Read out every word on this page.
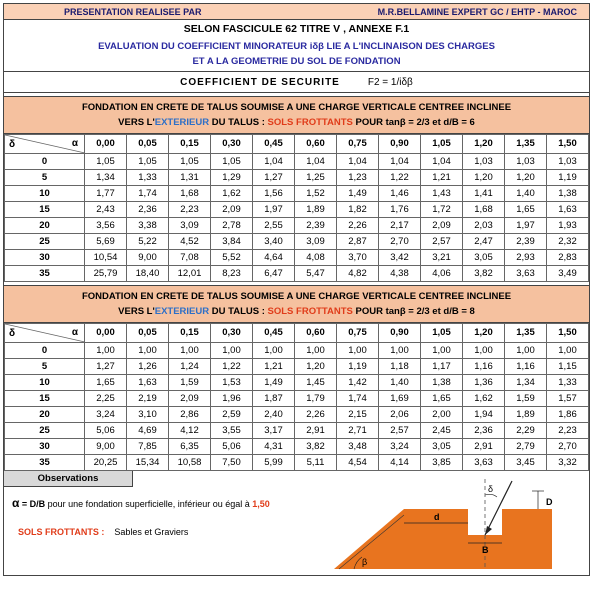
PRESENTATION REALISEE PAR	M.R.BELLAMINE EXPERT GC / EHTP - MAROC
SELON FASCICULE 62 TITRE V , ANNEXE F.1
EVALUATION DU COEFFICIENT MINORATEUR iδβ LIE A L'INCLINAISON DES CHARGES
ET A LA GEOMETRIE DU SOL DE FONDATION
COEFFICIENT DE SECURITE	F2 = 1/iδβ
FONDATION EN CRETE DE TALUS SOUMISE A UNE CHARGE VERTICALE CENTREE INCLINEE
VERS L'EXTERIEUR DU TALUS : SOLS FROTTANTS POUR tanβ = 2/3 et d/B = 6
δ α	0,00	0,05	0,15	0,30	0,45	0,60	0,75	0,90	1,05	1,20	1,35	1,50
0	1,05	1,05	1,05	1,05	1,04	1,04	1,04	1,04	1,04	1,03	1,03	1,03
5	1,34	1,33	1,31	1,29	1,27	1,25	1,23	1,22	1,21	1,20	1,20	1,19
10	1,77	1,74	1,68	1,62	1,56	1,52	1,49	1,46	1,43	1,41	1,40	1,38
15	2,43	2,36	2,23	2,09	1,97	1,89	1,82	1,76	1,72	1,68	1,65	1,63
20	3,56	3,38	3,09	2,78	2,55	2,39	2,26	2,17	2,09	2,03	1,97	1,93
25	5,69	5,22	4,52	3,84	3,40	3,09	2,87	2,70	2,57	2,47	2,39	2,32
30	10,54	9,00	7,08	5,52	4,64	4,08	3,70	3,42	3,21	3,05	2,93	2,83
35	25,79	18,40	12,01	8,23	6,47	5,47	4,82	4,38	4,06	3,82	3,63	3,49
FONDATION EN CRETE DE TALUS SOUMISE A UNE CHARGE VERTICALE CENTREE INCLINEE
VERS L'EXTERIEUR DU TALUS : SOLS FROTTANTS POUR tanβ = 2/3 et d/B = 8
δ α	0,00	0,05	0,15	0,30	0,45	0,60	0,75	0,90	1,05	1,20	1,35	1,50
0	1,00	1,00	1,00	1,00	1,00	1,00	1,00	1,00	1,00	1,00	1,00	1,00
5	1,27	1,26	1,24	1,22	1,21	1,20	1,19	1,18	1,17	1,16	1,16	1,15
10	1,65	1,63	1,59	1,53	1,49	1,45	1,42	1,40	1,38	1,36	1,34	1,33
15	2,25	2,19	2,09	1,96	1,87	1,79	1,74	1,69	1,65	1,62	1,59	1,57
20	3,24	3,10	2,86	2,59	2,40	2,26	2,15	2,06	2,00	1,94	1,89	1,86
25	5,06	4,69	4,12	3,55	3,17	2,91	2,71	2,57	2,45	2,36	2,29	2,23
30	9,00	7,85	6,35	5,06	4,31	3,82	3,48	3,24	3,05	2,91	2,79	2,70
35	20,25	15,34	10,58	7,50	5,99	5,11	4,54	4,14	3,85	3,63	3,45	3,32
Observations
α = D/B pour une fondation superficielle, inférieur ou égal à 1,50
SOLS FROTTANTS : Sables et Graviers
δ
d
B
D
β
